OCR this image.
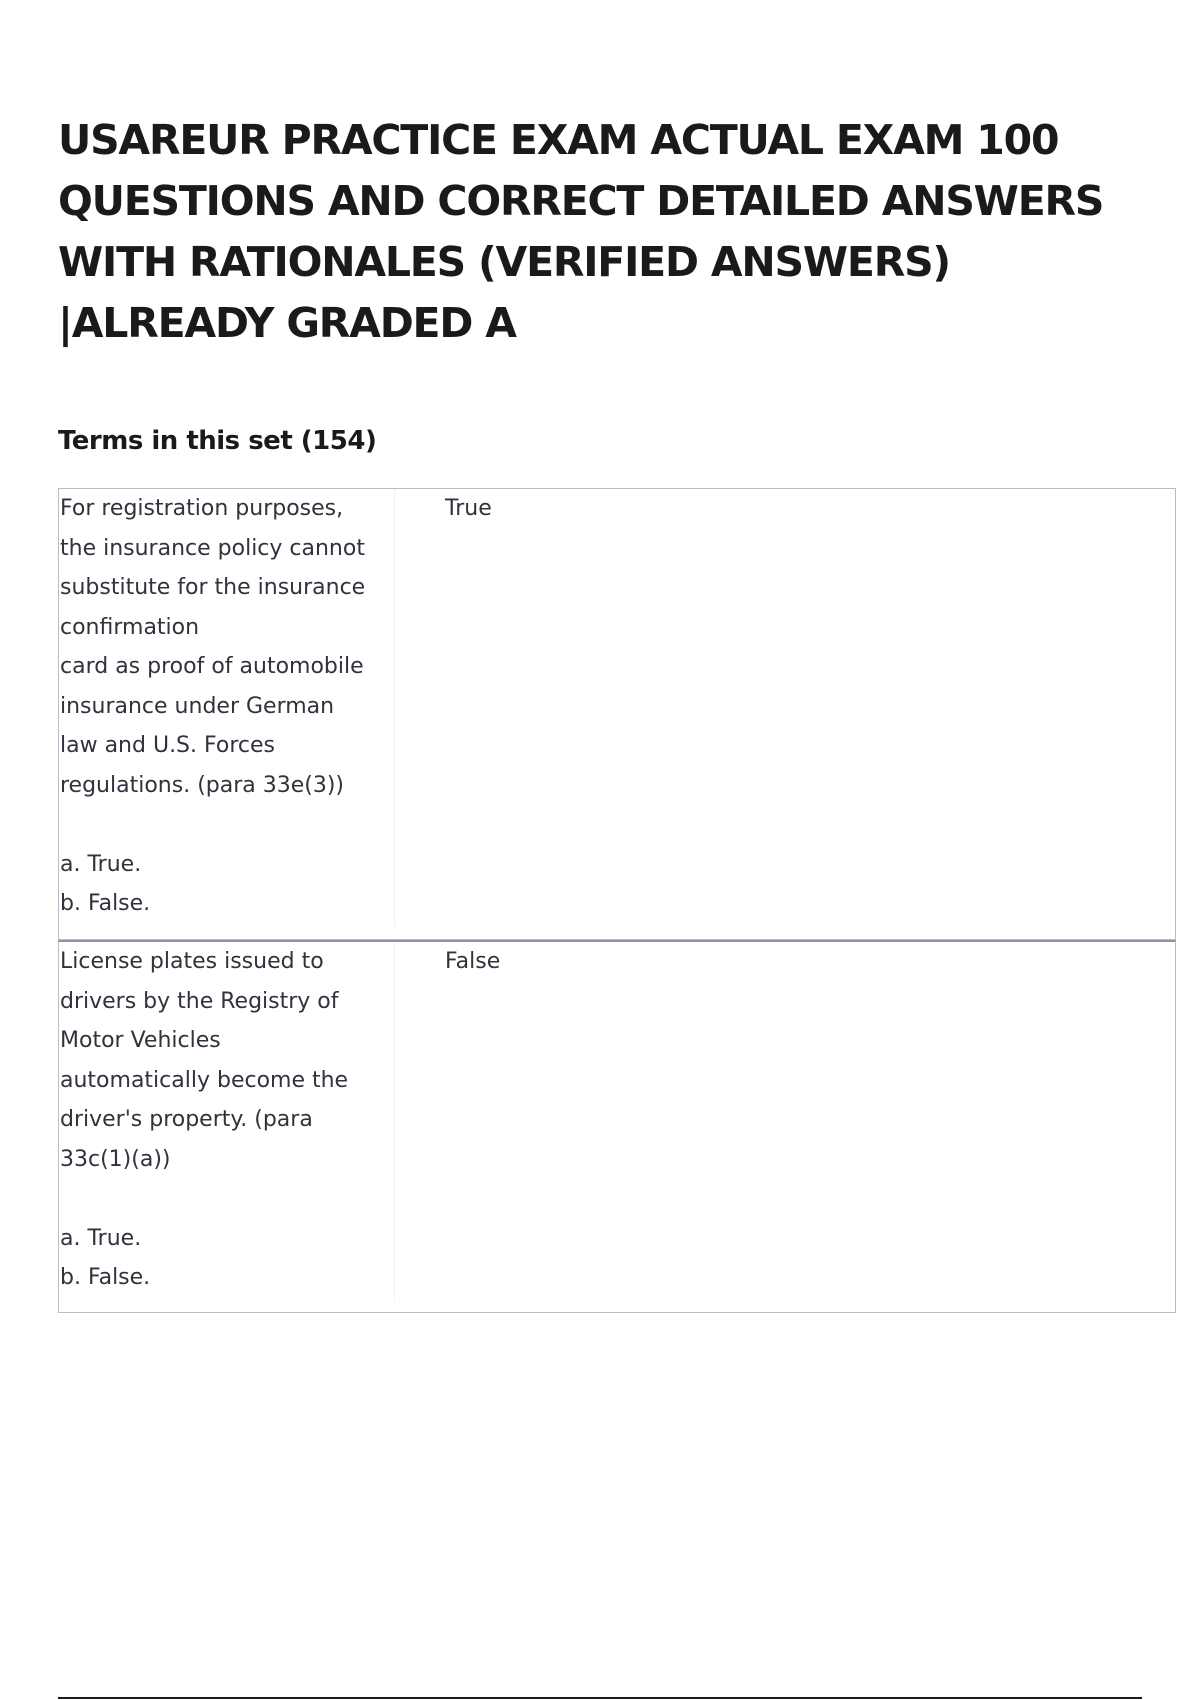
USAREUR PRACTICE EXAM ACTUAL EXAM 100
QUESTIONS AND CORRECT DETAILED ANSWERS
WITH RATIONALES (VERIFIED ANSWERS)
|ALREADY GRADED A
Terms in this set (154)
For registration purposes,
the insurance policy cannot
substitute for the insurance
confirmation
card as proof of automobile
insurance under German
law and U.S. Forces
regulations. (para 33e(3))

a. True.
b. False.
True
License plates issued to
drivers by the Registry of
Motor Vehicles
automatically become the
driver's property. (para
33c(1)(a))

a. True.
b. False.
False
